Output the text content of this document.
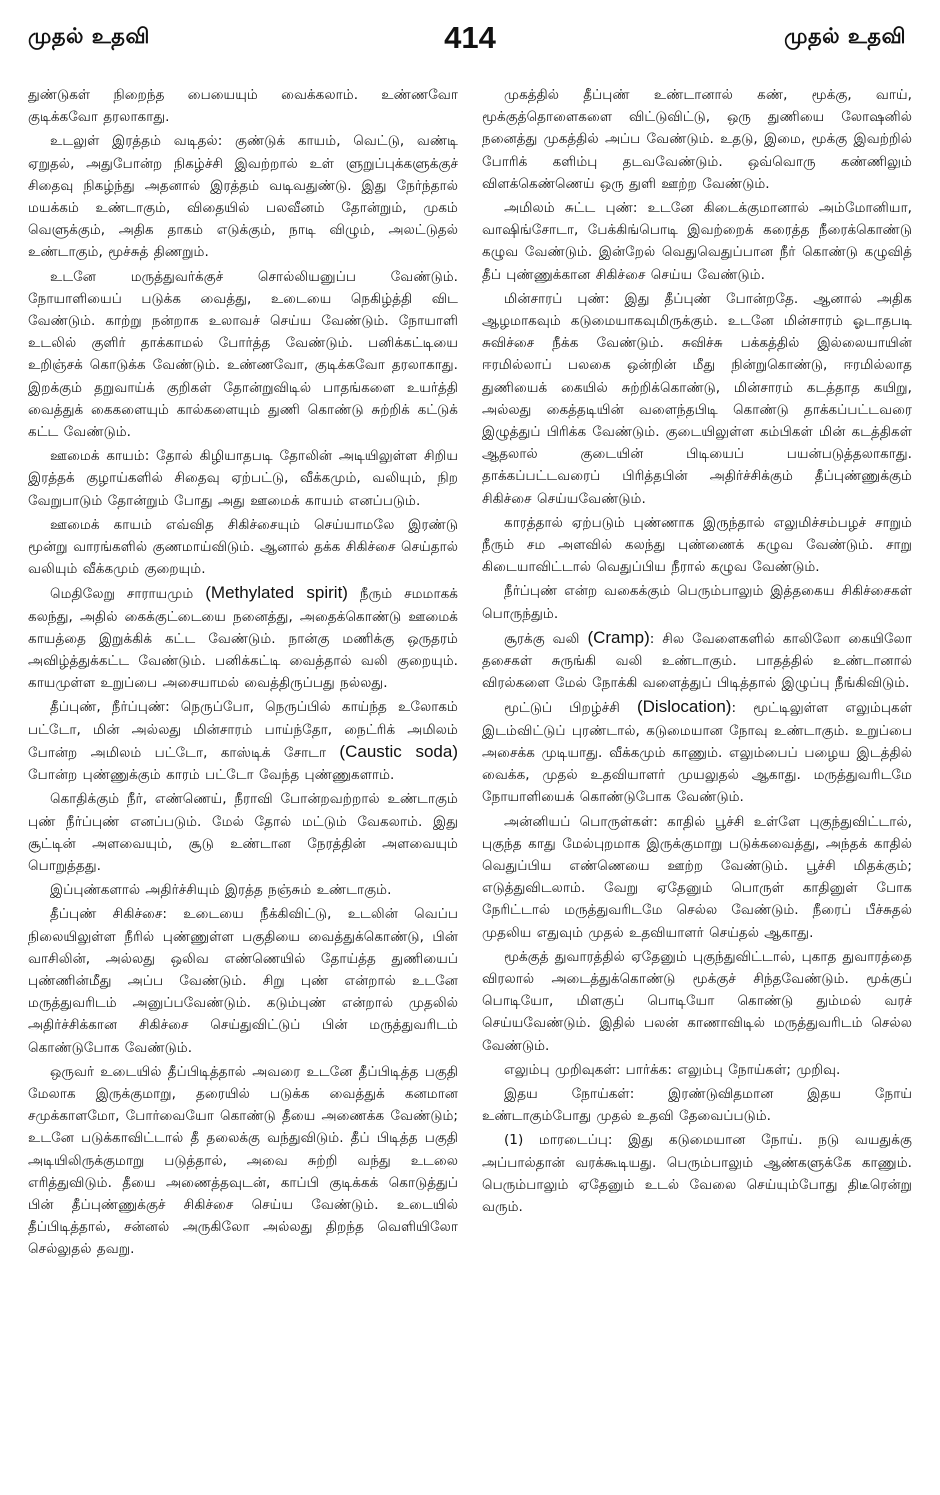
முதல் உதவி	414	முதல் உதவி

துண்டுகள் நிறைந்த பையையும் வைக்கலாம். உண்ணவோ குடிக்கவோ தரலாகாது.

உடலுள் இரத்தம் வடிதல்: குண்டுக் காயம், வெட்டு, வண்டி ஏறுதல், அதுபோன்ற நிகழ்ச்சி இவற்றால் உள் ளுறுப்புக்களுக்குச் சிதைவு நிகழ்ந்து அதனால் இரத்தம் வடிவதுண்டு. இது நேர்ந்தால் மயக்கம் உண்டாகும், விதையில் பலவீனம் தோன்றும், முகம் வெளுக்கும், அதிக தாகம் எடுக்கும், நாடி விழும், அலட்டுதல் உண்டாகும், மூச்சுத் திணறும்.

உடனே மருத்துவர்க்குச் சொல்லியனுப்ப வேண்டும். நோயாளியைப் படுக்க வைத்து, உடையை நெகிழ்த்தி விட வேண்டும். காற்று நன்றாக உலாவச் செய்ய வேண்டும். நோயாளி உடலில் குளிர் தாக்காமல் போர்த்த வேண்டும். பனிக்கட்டியை உறிஞ்சக் கொடுக்க வேண்டும். உண்ணவோ, குடிக்கவோ தரலாகாது. இறக்கும் தறுவாய்க் குறிகள் தோன்றுவிடில் பாதங்களை உயர்த்தி வைத்துக் கைகளையும் கால்களையும் துணி கொண்டு சுற்றிக் கட்டுக் கட்ட வேண்டும்.

ஊமைக் காயம்: தோல் கிழியாதபடி தோலின் அடியிலுள்ள சிறிய இரத்தக் குழாய்களில் சிதைவு ஏற்பட்டு, வீக்கமும், வலியும், நிற வேறுபாடும் தோன்றும் போது அது ஊமைக் காயம் எனப்படும்.

ஊமைக் காயம் எவ்வித சிகிச்சையும் செய்யாமலே இரண்டு மூன்று வாரங்களில் குணமாய்விடும். ஆனால் தக்க சிகிச்சை செய்தால் வலியும் வீக்கமும் குறையும்.

மெதிலேறு சாராயமும் (Methylated spirit) நீரும் சமமாகக் கலந்து, அதில் கைக்குட்டையை நனைத்து, அதைக்கொண்டு ஊமைக் காயத்தை இறுக்கிக் கட்ட வேண்டும். நான்கு மணிக்கு ஒருதரம் அவிழ்த்துக்கட்ட வேண்டும். பனிக்கட்டி வைத்தால் வலி குறையும். காயமுள்ள உறுப்பை அசையாமல் வைத்திருப்பது நல்லது.

தீப்புண், நீர்ப்புண்: நெருப்போ, நெருப்பில் காய்ந்த உலோகம் பட்டோ, மின் அல்லது மின்சாரம் பாய்ந்தோ, நைட்ரிக் அமிலம் போன்ற அமிலம் பட்டோ, காஸ்டிக் சோடா (Caustic soda) போன்ற புண்ணுக்கும் காரம் பட்டோ வேந்த புண்ணுகளாம்.

கொதிக்கும் நீர், எண்ணெய், நீராவி போன்றவற்றால் உண்டாகும் புண் நீர்ப்புண் எனப்படும். மேல் தோல் மட்டும் வேகலாம். இது சூட்டின் அளவையும், சூடு உண்டான நேரத்தின் அளவையும் பொறுத்தது.

இப்புண்களால் அதிர்ச்சியும் இரத்த நஞ்சும் உண்டாகும்.

தீப்புண் சிகிச்சை: உடையை நீக்கிவிட்டு, உடலின் வெப்ப நிலையிலுள்ள நீரில் புண்ணுள்ள பகுதியை வைத்துக்கொண்டு, பின் வாசிலின், அல்லது ஒலிவ எண்ணெயில் தோய்த்த துணியைப் புண்ணின்மீது அப்ப வேண்டும். சிறு புண் என்றால் உடனே மருத்துவரிடம் அனுப்பவேண்டும். கடும்புண் என்றால் முதலில் அதிர்ச்சிக்கான சிகிச்சை செய்துவிட்டுப் பின் மருத்துவரிடம் கொண்டுபோக வேண்டும்.

ஒருவர் உடையில் தீப்பிடித்தால் அவரை உடனே தீப்பிடித்த பகுதி மேலாக இருக்குமாறு, தரையில் படுக்க வைத்துக் கனமான சமுக்காளமோ, போர்வையோ கொண்டு தீயை அணைக்க வேண்டும்; உடனே படுக்காவிட்டால் தீ தலைக்கு வந்துவிடும். தீப் பிடித்த பகுதி அடியிலிருக்குமாறு படுத்தால், அவை சுற்றி வந்து உடலை எரித்துவிடும். தீயை அணைத்தவுடன், காப்பி குடிக்கக் கொடுத்துப் பின் தீப்புண்ணுக்குச் சிகிச்சை செய்ய வேண்டும். உடையில் தீப்பிடித்தால், சன்னல் அருகிலோ அல்லது திறந்த வெளியிலோ செல்லுதல் தவறு.

முகத்தில் தீப்புண் உண்டானால் கண், மூக்கு, வாய், மூக்குத்தொளைகளை விட்டுவிட்டு, ஒரு துணியை லோஷனில் நனைத்து முகத்தில் அப்ப வேண்டும். உதடு, இமை, மூக்கு இவற்றில் போரிக் களிம்பு தடவவேண்டும். ஒவ்வொரு கண்ணிலும் விளக்கெண்ணெய் ஒரு துளி ஊற்ற வேண்டும்.

அமிலம் சுட்ட புண்: உடனே கிடைக்குமானால் அம்மோனியா, வாஷிங்சோடா, பேக்கிங்பொடி இவற்றைக் கரைத்த நீரைக்கொண்டு கழுவ வேண்டும். இன்றேல் வெதுவெதுப்பான நீர் கொண்டு கழுவித் தீப் புண்ணுக்கான சிகிச்சை செய்ய வேண்டும்.

மின்சாரப் புண்: இது தீப்புண் போன்றதே. ஆனால் அதிக ஆழமாகவும் கடுமையாகவுமிருக்கும். உடனே மின்சாரம் ஓடாதபடி சுவிச்சை நீக்க வேண்டும். சுவிச்சு பக்கத்தில் இல்லையாயின் ஈரமில்லாப் பலகை ஒன்றின் மீது நின்றுகொண்டு, ஈரமில்லாத துணியைக் கையில் சுற்றிக்கொண்டு, மின்சாரம் கடத்தாத கயிறு, அல்லது கைத்தடியின் வளைந்தபிடி கொண்டு தாக்கப்பட்டவரை இழுத்துப் பிரிக்க வேண்டும். குடையிலுள்ள கம்பிகள் மின் கடத்திகள் ஆதலால் குடையின் பிடியைப் பயன்படுத்தலாகாது. தாக்கப்பட்டவரைப் பிரித்தபின் அதிர்ச்சிக்கும் தீப்புண்ணுக்கும் சிகிச்சை செய்யவேண்டும்.

காரத்தால் ஏற்படும் புண்ணாக இருந்தால் எலுமிச்சம்பழச் சாறும் நீரும் சம அளவில் கலந்து புண்ணைக் கழுவ வேண்டும். சாறு கிடையாவிட்டால் வெதுப்பிய நீரால் கழுவ வேண்டும்.

நீர்ப்புண் என்ற வகைக்கும் பெரும்பாலும் இத்தகைய சிகிச்சைகள் பொருந்தும்.

சூரக்கு வலி (Cramp): சில வேளைகளில் காலிலோ கையிலோ தசைகள் சுருங்கி வலி உண்டாகும். பாதத்தில் உண்டானால் விரல்களை மேல் நோக்கி வளைத்துப் பிடித்தால் இழுப்பு நீங்கிவிடும்.

மூட்டுப் பிறழ்ச்சி (Dislocation): மூட்டிலுள்ள எலும்புகள் இடம்விட்டுப் புரண்டால், கடுமையான நோவு உண்டாகும். உறுப்பை அசைக்க முடியாது. வீக்கமும் காணும். எலும்பைப் பழைய இடத்தில் வைக்க, முதல் உதவியாளர் முயலுதல் ஆகாது. மருத்துவரிடமே நோயாளியைக் கொண்டுபோக வேண்டும்.

அன்னியப் பொருள்கள்: காதில் பூச்சி உள்ளே புகுந்துவிட்டால், புகுந்த காது மேல்புறமாக இருக்குமாறு படுக்கவைத்து, அந்தக் காதில் வெதுப்பிய எண்ணெயை ஊற்ற வேண்டும். பூச்சி மிதக்கும்; எடுத்துவிடலாம். வேறு ஏதேனும் பொருள் காதினுள் போக நேரிட்டால் மருத்துவரிடமே செல்ல வேண்டும். நீரைப் பீச்சுதல் முதலிய எதுவும் முதல் உதவியாளர் செய்தல் ஆகாது.

மூக்குத் துவாரத்தில் ஏதேனும் புகுந்துவிட்டால், புகாத துவாரத்தை விரலால் அடைத்துக்கொண்டு மூக்குச் சிந்தவேண்டும். மூக்குப் பொடியோ, மிளகுப் பொடியோ கொண்டு தும்மல் வரச் செய்யவேண்டும். இதில் பலன் காணாவிடில் மருத்துவரிடம் செல்ல வேண்டும்.

எலும்பு முறிவுகள்: பார்க்க: எலும்பு நோய்கள்; முறிவு.

இதய நோய்கள்: இரண்டுவிதமான இதய நோய் உண்டாகும்போது முதல் உதவி தேவைப்படும்.

(1) மாரடைப்பு: இது கடுமையான நோய். நடு வயதுக்கு அப்பால்தான் வரக்கூடியது. பெரும்பாலும் ஆண்களுக்கே காணும். பெரும்பாலும் ஏதேனும் உடல் வேலை செய்யும்போது திடீரென்று வரும்.
